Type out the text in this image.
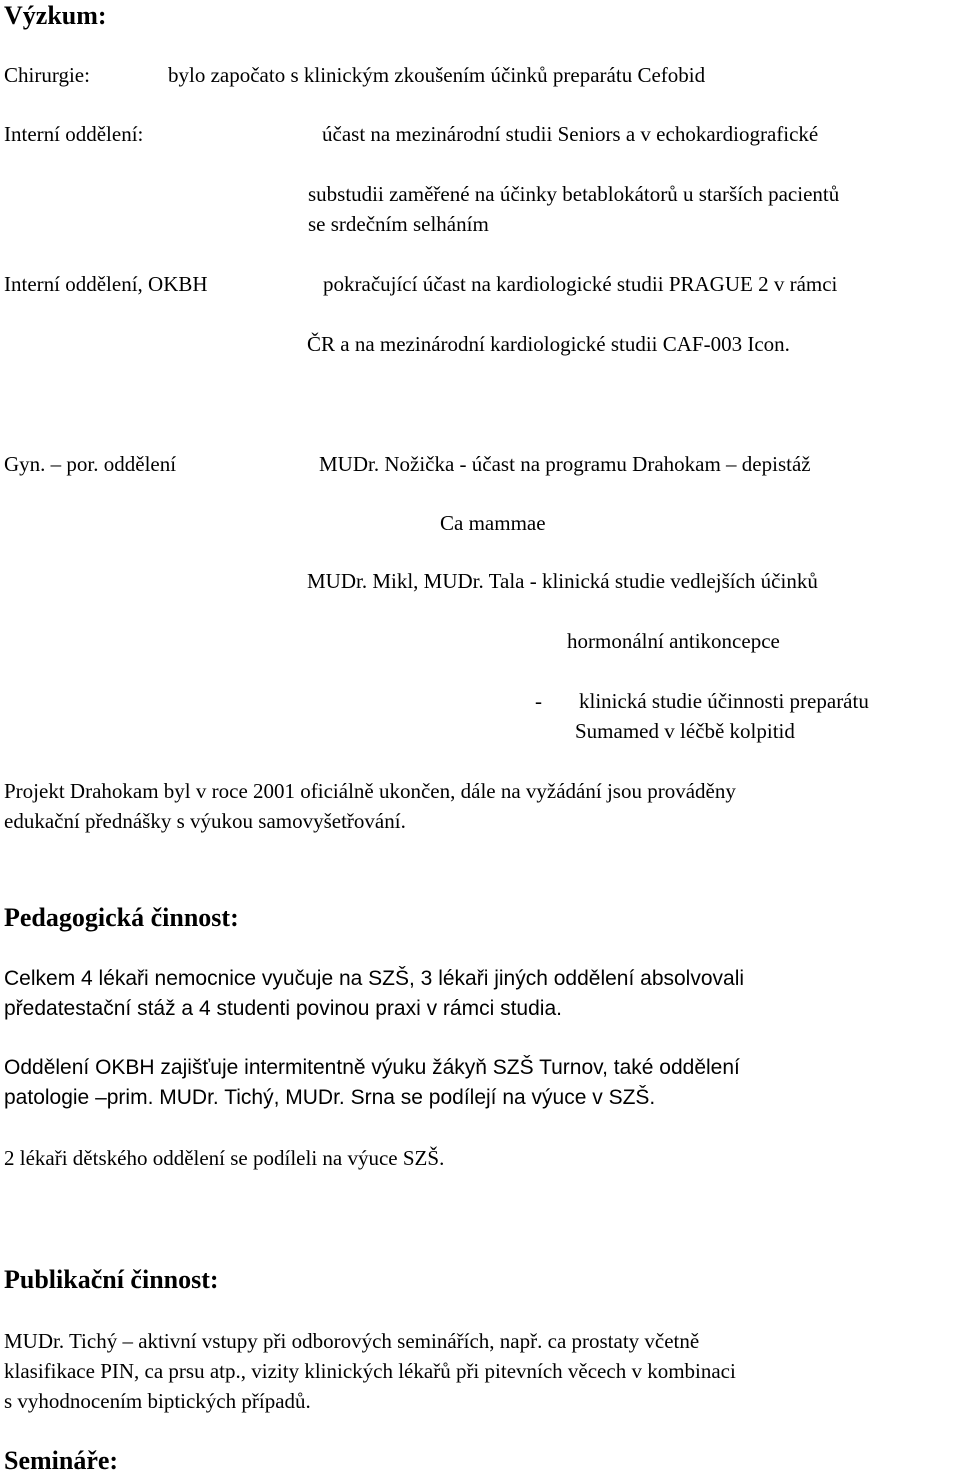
Výzkum:
Chirurgie:	bylo započato s klinickým zkoušením účinků preparátu Cefobid
Interní oddělení:	účast na mezinárodní studii Seniors a v echokardiografické
substudii zaměřené na účinky betablokátorů u starších pacientů
se srdečním selháním
Interní oddělení, OKBH	pokračující účast na kardiologické studii PRAGUE 2 v rámci
ČR a na mezinárodní kardiologické studii CAF-003 Icon.
Gyn. – por. oddělení	MUDr. Nožička - účast na programu Drahokam – depistáž
Ca mammae
MUDr. Mikl, MUDr. Tala - klinická studie vedlejších účinků
hormonální antikoncepce
- klinická studie účinnosti preparátu
Sumamed v léčbě kolpitid
Projekt Drahokam byl v roce 2001 oficiálně ukončen, dále na vyžádání jsou prováděny
edukační přednášky s výukou samovyšetřování.
Pedagogická činnost:
Celkem 4 lékaři nemocnice vyučuje na SZŠ, 3 lékaři jiných oddělení absolvovali
předatestační stáž a 4 studenti povinou praxi v rámci studia.
Oddělení OKBH zajišťuje intermitentně výuku žákyň SZŠ Turnov, také oddělení
patologie –prim. MUDr. Tichý, MUDr. Srna se podílejí na výuce v SZŠ.
2 lékaři dětského oddělení se podíleli na výuce SZŠ.
Publikační činnost:
MUDr. Tichý – aktivní vstupy při odborových seminářích, např. ca prostaty včetně
klasifikace PIN, ca prsu atp., vizity klinických lékařů při pitevních věcech v kombinaci
s vyhodnocením biptických případů.
Semináře:
